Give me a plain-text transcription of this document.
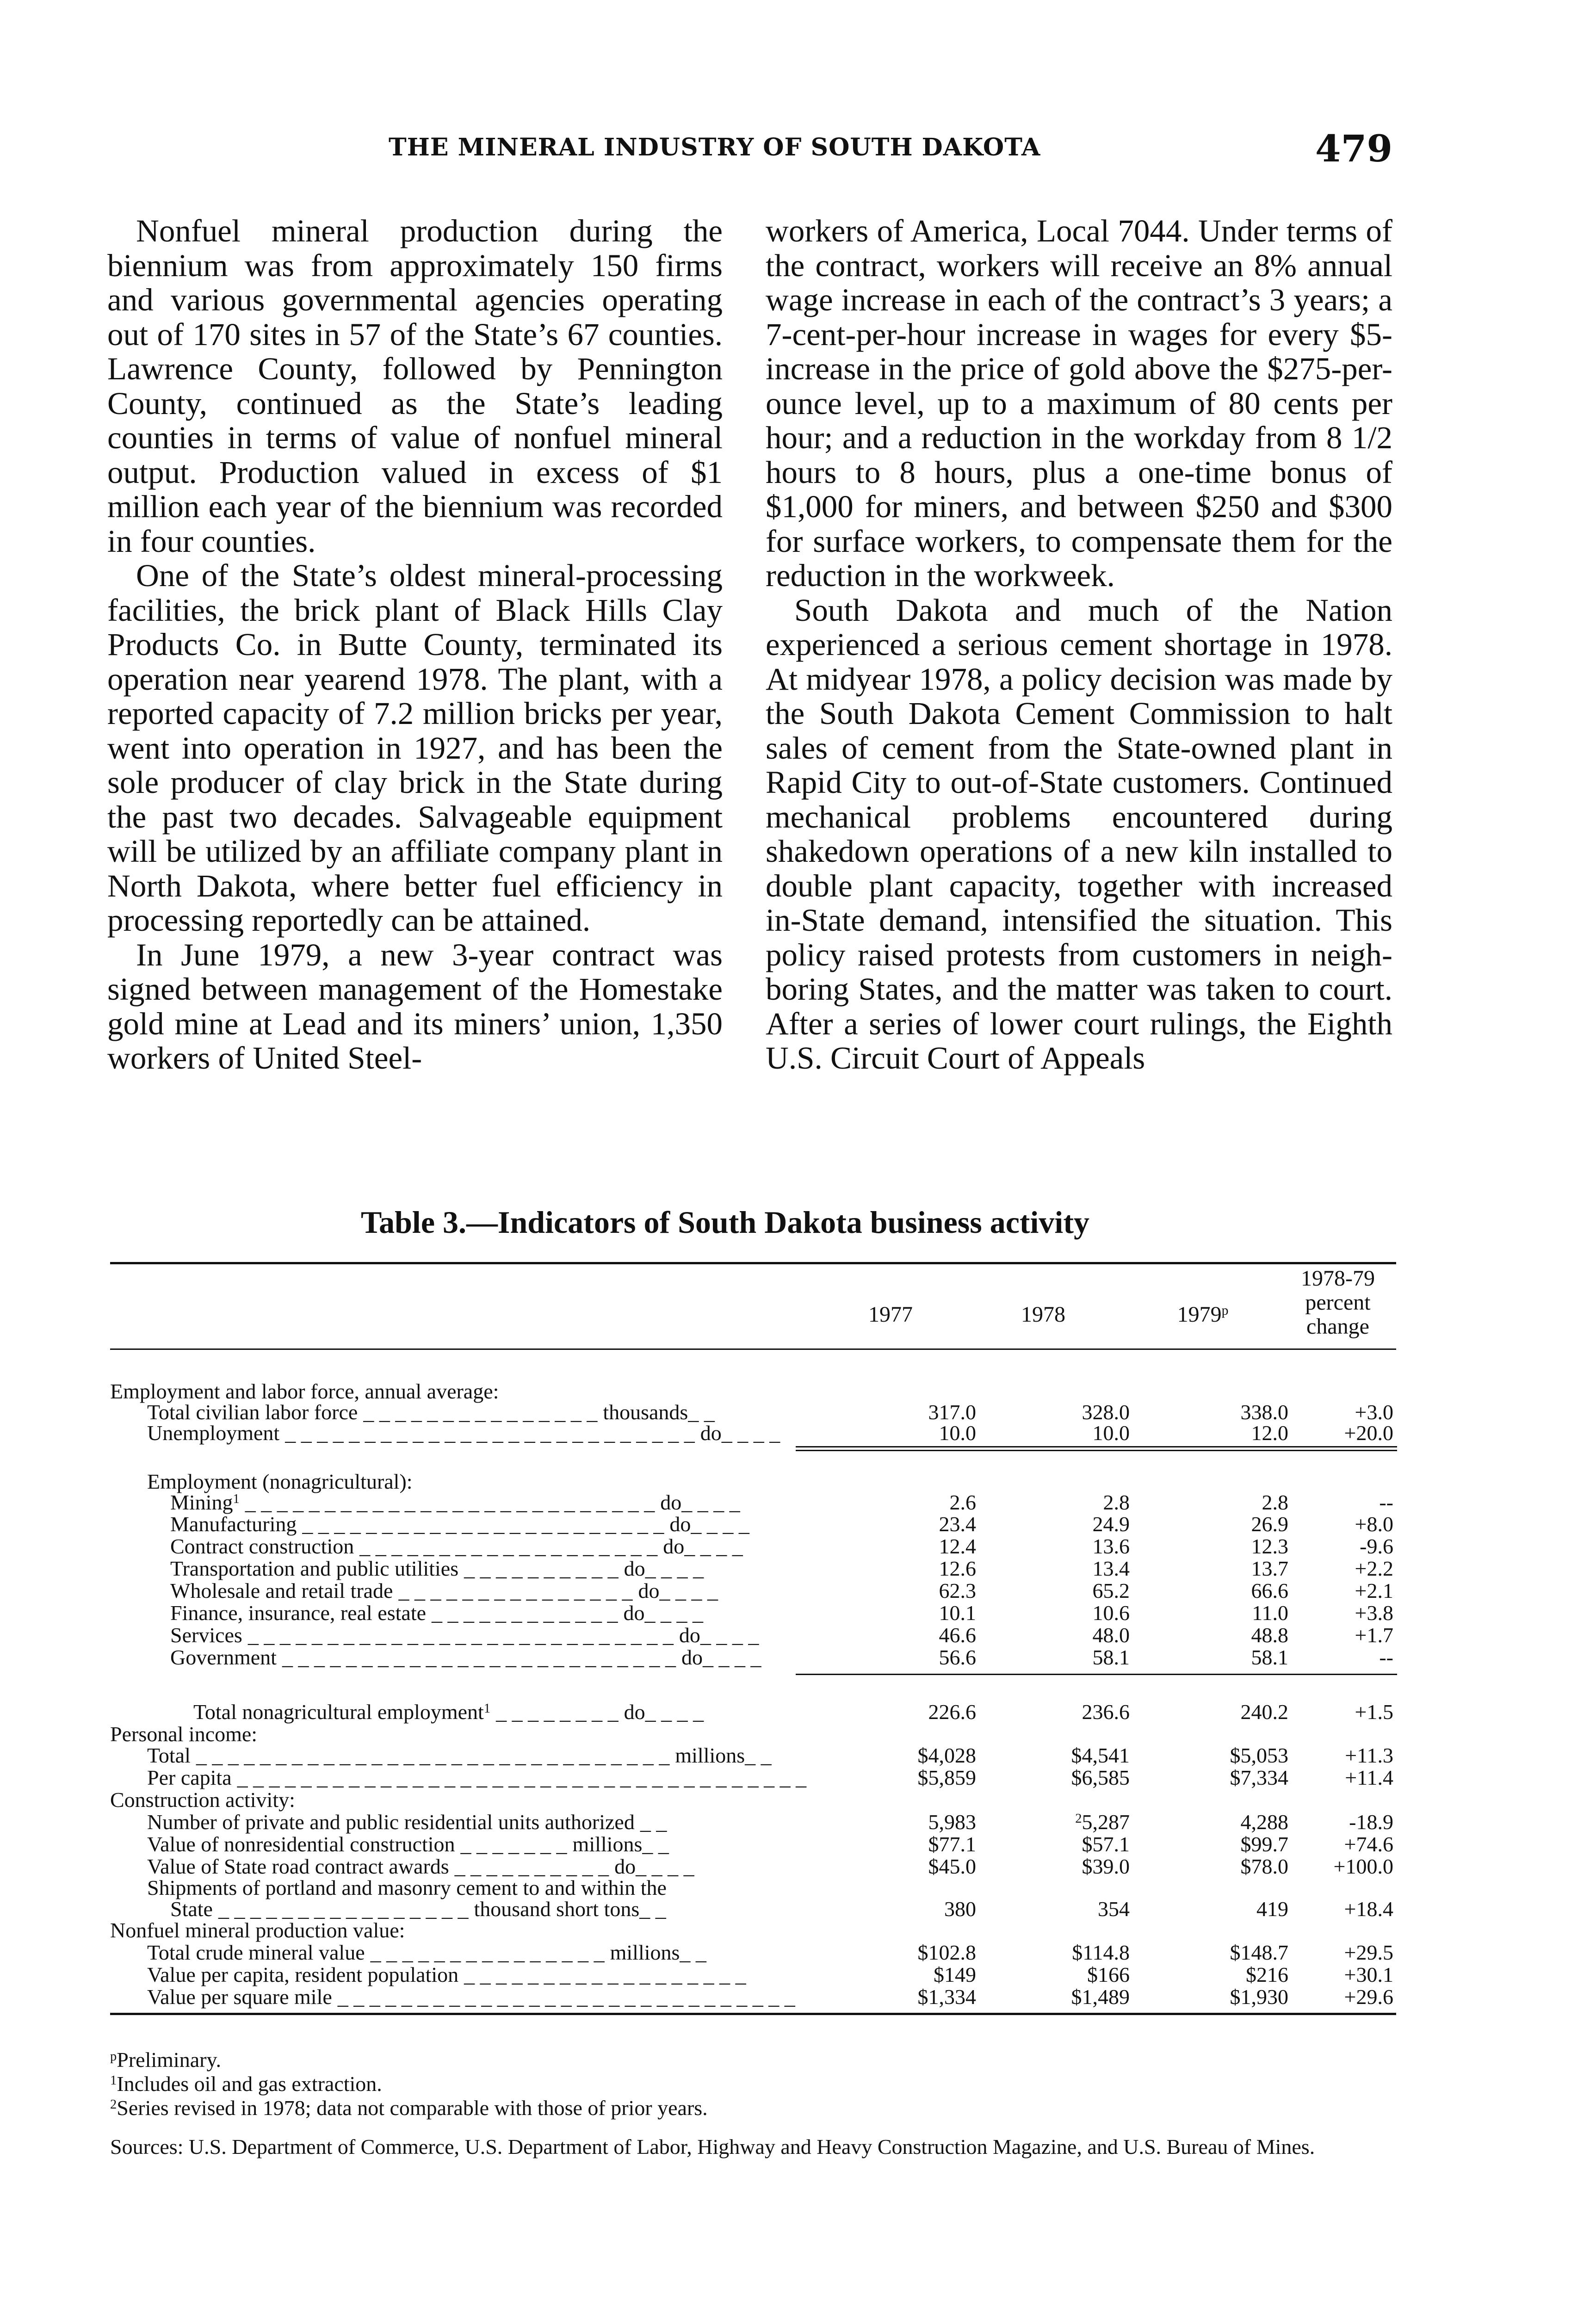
THE MINERAL INDUSTRY OF SOUTH DAKOTA	479

Nonfuel mineral production during the biennium was from approximately 150 firms and various governmental agencies operating out of 170 sites in 57 of the State’s 67 counties. Lawrence County, followed by Pennington County, continued as the State’s leading counties in terms of value of nonfuel mineral output. Production valued in excess of $1 million each year of the biennium was recorded in four counties.

One of the State’s oldest mineral-processing facilities, the brick plant of Black Hills Clay Products Co. in Butte County, terminated its operation near yearend 1978. The plant, with a reported capacity of 7.2 million bricks per year, went into operation in 1927, and has been the sole producer of clay brick in the State during the past two decades. Salvageable equipment will be utilized by an affiliate company plant in North Dakota, where better fuel efficiency in processing reportedly can be attained.

In June 1979, a new 3-year contract was signed between management of the Homestake gold mine at Lead and its miners’ union, 1,350 workers of United Steel-

workers of America, Local 7044. Under terms of the contract, workers will receive an 8% annual wage increase in each of the contract’s 3 years; a 7-cent-per-hour increase in wages for every $5-increase in the price of gold above the $275-per-ounce level, up to a maximum of 80 cents per hour; and a reduction in the workday from 8 1/2 hours to 8 hours, plus a one-time bonus of $1,000 for miners, and between $250 and $300 for surface workers, to compensate them for the reduction in the workweek.

South Dakota and much of the Nation experienced a serious cement shortage in 1978. At midyear 1978, a policy decision was made by the South Dakota Cement Commission to halt sales of cement from the State-owned plant in Rapid City to out-of-State customers. Continued mechanical problems encountered during shakedown operations of a new kiln installed to double plant capacity, together with increased in-State demand, intensified the situation. This policy raised protests from customers in neighboring States, and the matter was taken to court. After a series of lower court rulings, the Eighth U.S. Circuit Court of Appeals

Table 3.—Indicators of South Dakota business activity
1977	1978	1979$^p$
1978-79
percent
change
Employment and labor force, annual average:
Total civilian labor force _ _ _ _ _ _ _ _ _ _ _ _ _ _ _ thousands_ _	317.0	328.0	338.0	+3.0
Unemployment _ _ _ _ _ _ _ _ _ _ _ _ _ _ _ _ _ _ _ _ _ _ _ _ _ _ do_ _ _ _	10.0	10.0	12.0	+20.0
Employment (nonagricultural):
Mining$^1$ _ _ _ _ _ _ _ _ _ _ _ _ _ _ _ _ _ _ _ _ _ _ _ _ _ _ do_ _ _ _	2.6	2.8	2.8	--
Manufacturing _ _ _ _ _ _ _ _ _ _ _ _ _ _ _ _ _ _ _ _ _ _ _ do_ _ _ _	23.4	24.9	26.9	+8.0
Contract construction _ _ _ _ _ _ _ _ _ _ _ _ _ _ _ _ _ _ _ do_ _ _ _	12.4	13.6	12.3	-9.6
Transportation and public utilities _ _ _ _ _ _ _ _ _ _ do_ _ _ _	12.6	13.4	13.7	+2.2
Wholesale and retail trade _ _ _ _ _ _ _ _ _ _ _ _ _ _ _ do_ _ _ _	62.3	65.2	66.6	+2.1
Finance, insurance, real estate _ _ _ _ _ _ _ _ _ _ _ _ do_ _ _ _	10.1	10.6	11.0	+3.8
Services _ _ _ _ _ _ _ _ _ _ _ _ _ _ _ _ _ _ _ _ _ _ _ _ _ _ _ do_ _ _ _	46.6	48.0	48.8	+1.7
Government _ _ _ _ _ _ _ _ _ _ _ _ _ _ _ _ _ _ _ _ _ _ _ _ _ do_ _ _ _	56.6	58.1	58.1	--
Total nonagricultural employment$^1$ _ _ _ _ _ _ _ _ do_ _ _ _	226.6	236.6	240.2	+1.5
Personal income:
Total _ _ _ _ _ _ _ _ _ _ _ _ _ _ _ _ _ _ _ _ _ _ _ _ _ _ _ _ _ _ millions_ _	$4,028	$4,541	$5,053	+11.3
Per capita _ _ _ _ _ _ _ _ _ _ _ _ _ _ _ _ _ _ _ _ _ _ _ _ _ _ _ _ _ _ _ _ _ _ _ _	$5,859	$6,585	$7,334	+11.4
Construction activity:
Number of private and public residential units authorized _ _	5,983	$^2$5,287	4,288	-18.9
Value of nonresidential construction _ _ _ _ _ _ _ millions_ _	$77.1	$57.1	$99.7	+74.6
Value of State road contract awards _ _ _ _ _ _ _ _ _ _ do_ _ _ _	$45.0	$39.0	$78.0 +100.0
Shipments of portland and masonry cement to and within the
State _ _ _ _ _ _ _ _ _ _ _ _ _ _ _ _ thousand short tons_ _	380	354	419	+18.4
Nonfuel mineral production value:
Total crude mineral value _ _ _ _ _ _ _ _ _ _ _ _ _ _ _ millions_ _	$102.8	$114.8	$148.7	+29.5
Value per capita, resident population _ _ _ _ _ _ _ _ _ _ _ _ _ _ _ _ _ _	$149	$166	$216	+30.1
Value per square mile _ _ _ _ _ _ _ _ _ _ _ _ _ _ _ _ _ _ _ _ _ _ _ _ _ _ _ _ _	$1,334	$1,489	$1,930	+29.6
$^p$Preliminary.
$^1$Includes oil and gas extraction.
$^2$Series revised in 1978; data not comparable with those of prior years.
Sources: U.S. Department of Commerce, U.S. Department of Labor, Highway and Heavy Construction Magazine, and U.S. Bureau of Mines.
